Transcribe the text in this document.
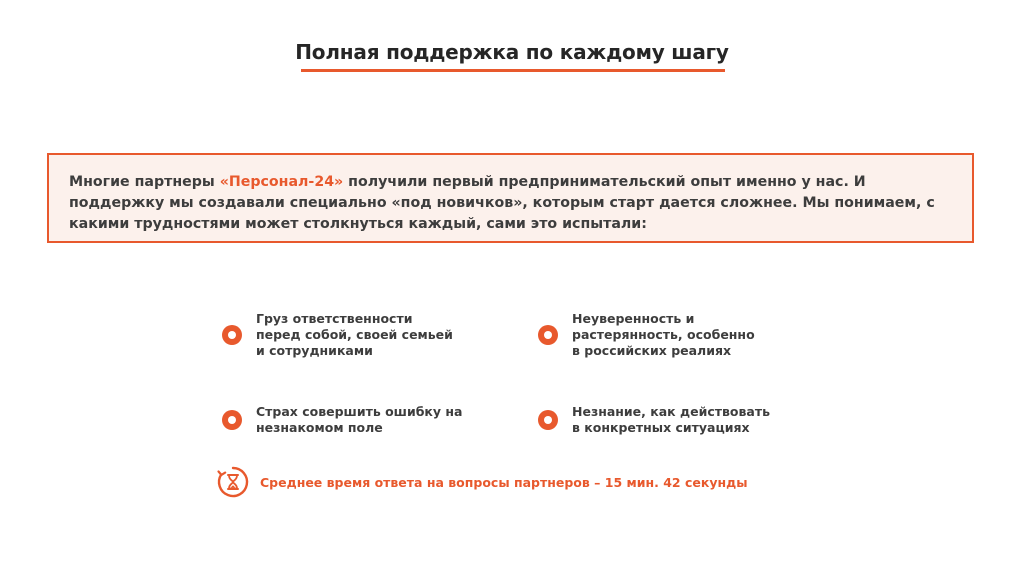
Полная поддержка по каждому шагу
Многие партнеры «Персонал-24» получили первый предпринимательский опыт именно у нас. И поддержку мы создавали специально «под новичков», которым старт дается сложнее. Мы понимаем, с какими трудностями может столкнуться каждый, сами это испытали:
Груз ответственности
перед собой, своей семьей
и сотрудниками
Неуверенность и
растерянность, особенно
в российских реалиях
Страх совершить ошибку на
незнакомом поле
Незнание, как действовать
в конкретных ситуациях
Среднее время ответа на вопросы партнеров – 15 мин. 42 секунды
